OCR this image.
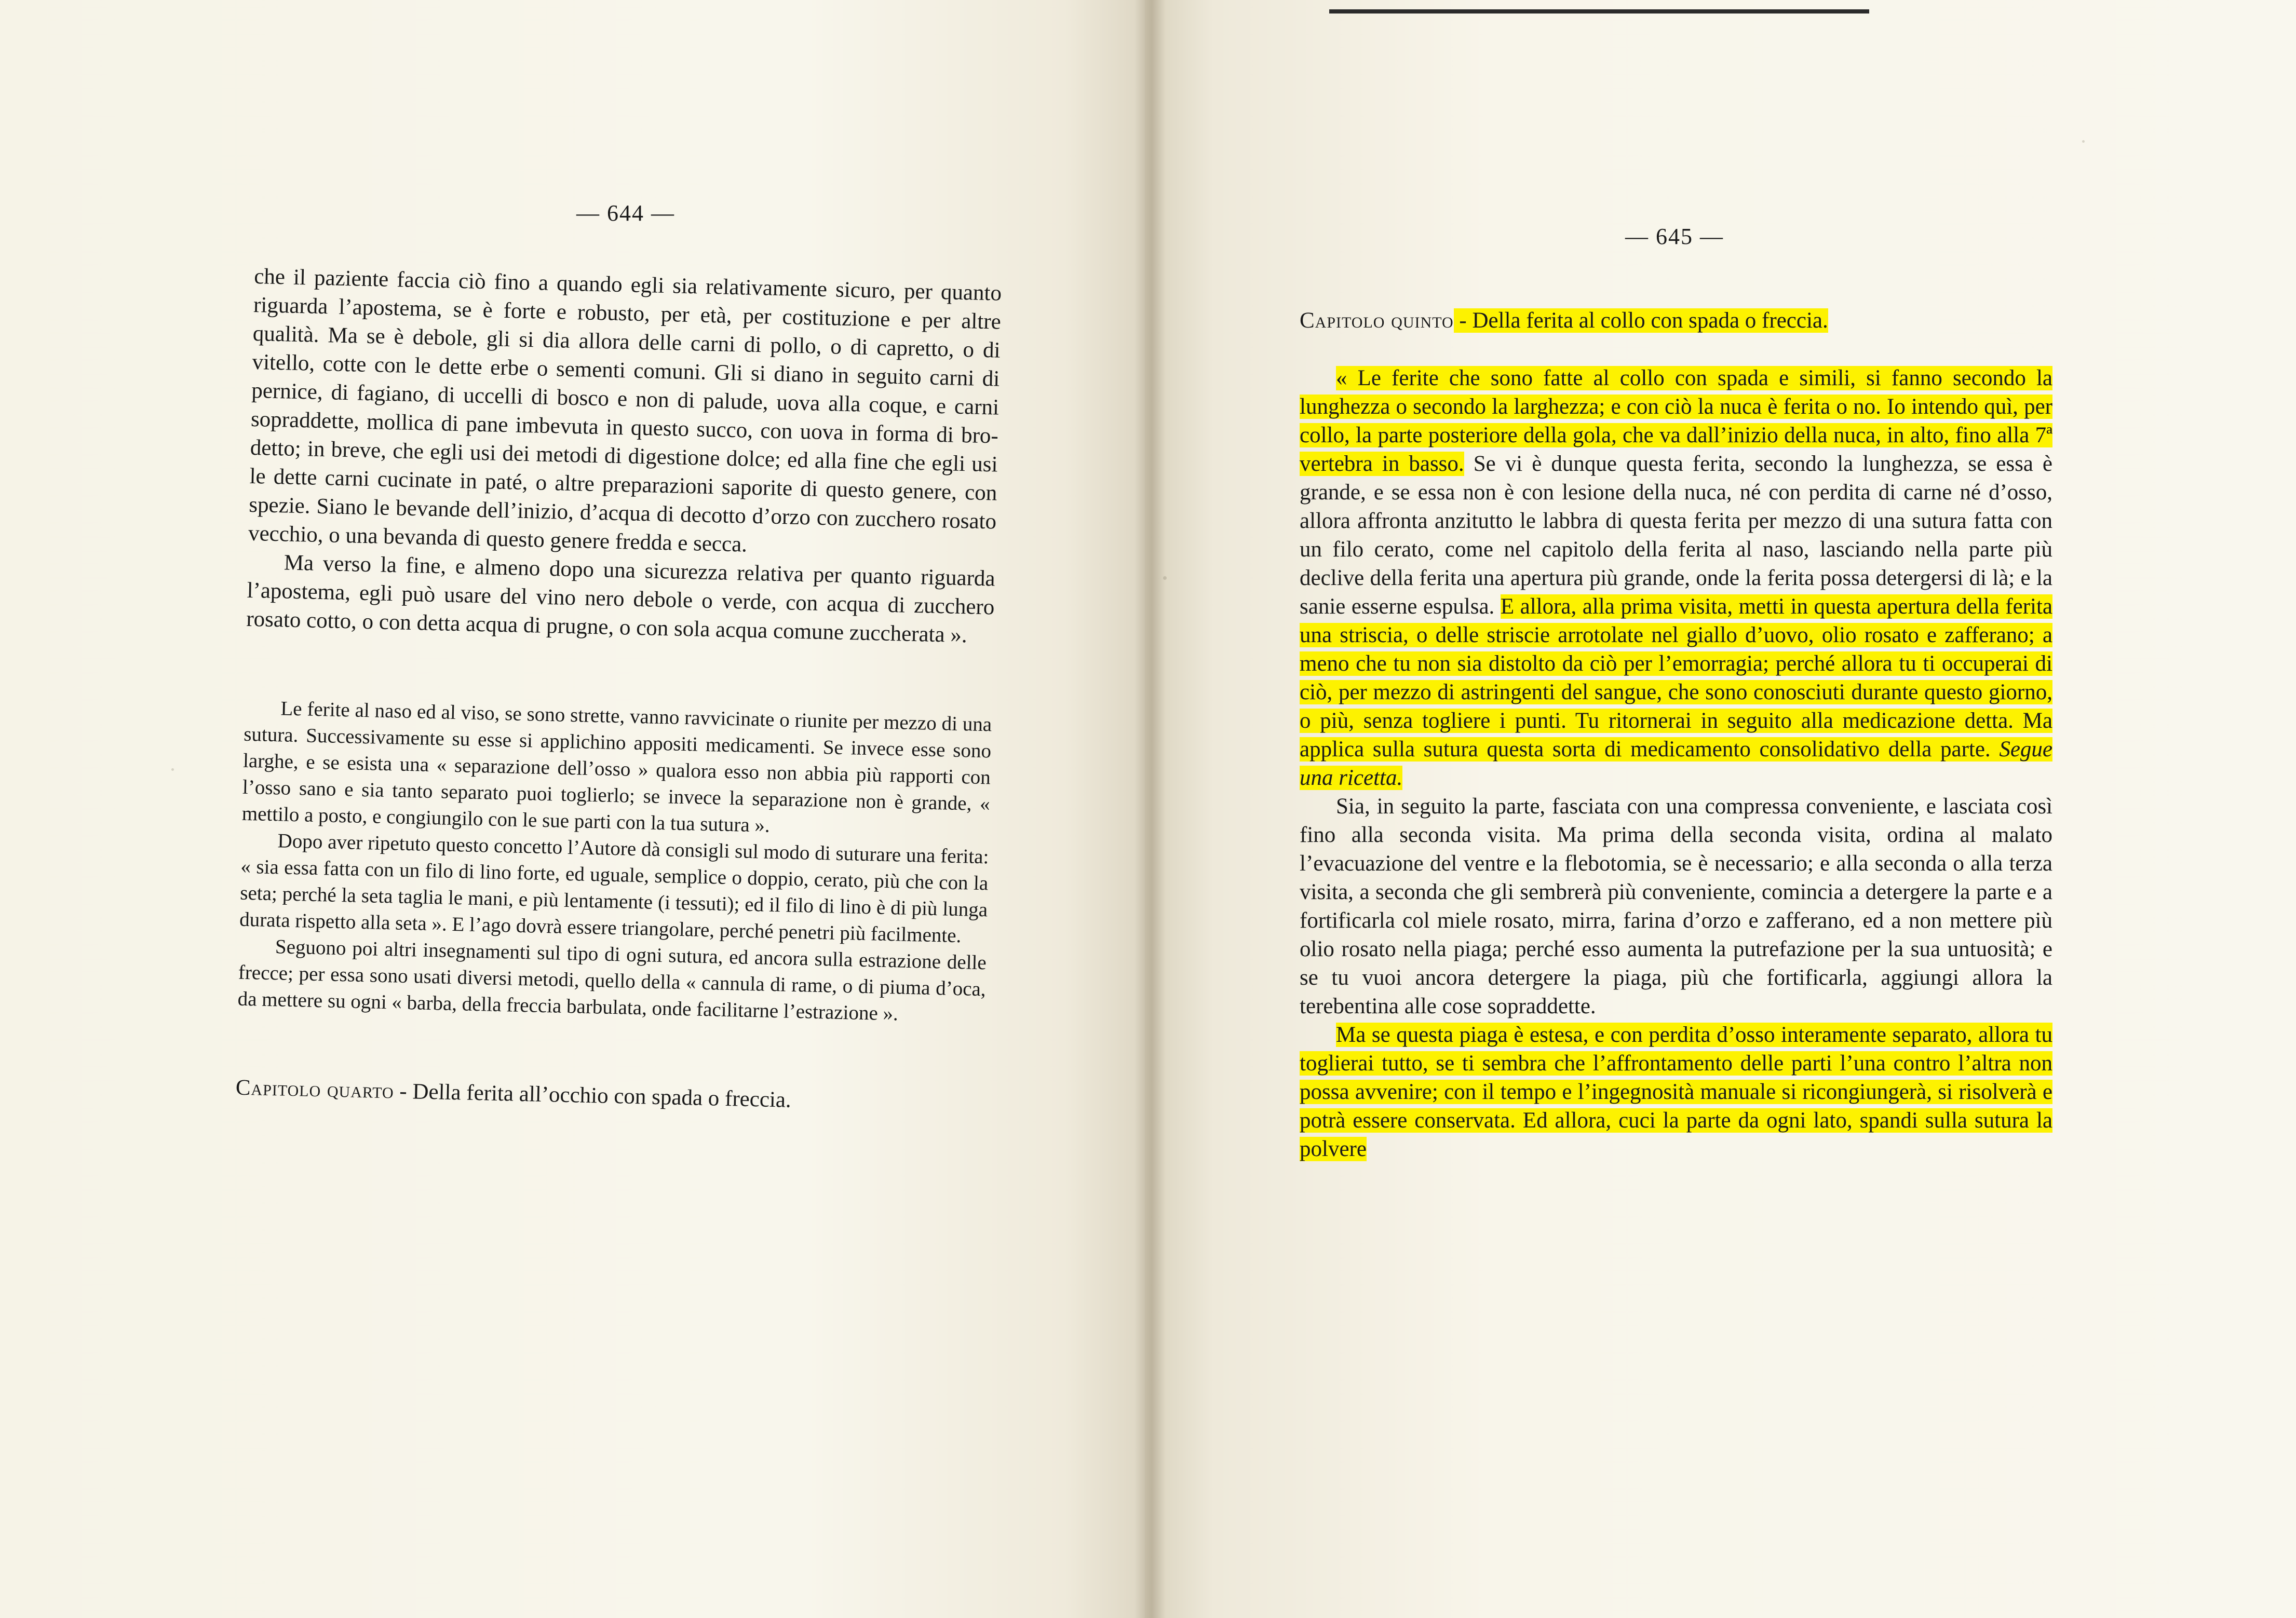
— 644 —

che il paziente faccia ciò fino a quando egli sia relativamente sicuro, per quanto riguarda l’apostema, se è forte e robusto, per età, per costituzione e per altre qualità. Ma se è debole, gli si dia allora delle carni di pollo, o di capretto, o di vitello, cotte con le dette erbe o sementi comuni. Gli si diano in seguito carni di pernice, di fagiano, di uccelli di bosco e non di palude, uova alla coque, e carni sopraddette, mollica di pane imbevuta in questo succo, con uova in forma di brodetto; in breve, che egli usi dei metodi di digestione dolce; ed alla fine che egli usi le dette carni cucinate in paté, o altre preparazioni saporite di questo genere, con spezie. Siano le bevande dell’inizio, d’acqua di decotto d’orzo con zucchero rosato vecchio, o una bevanda di questo genere fredda e secca.

Ma verso la fine, e almeno dopo una sicurezza relativa per quanto riguarda l’apostema, egli può usare del vino nero debole o verde, con acqua di zucchero rosato cotto, o con detta acqua di prugne, o con sola acqua comune zuccherata ».

Le ferite al naso ed al viso, se sono strette, vanno ravvicinate o riunite per mezzo di una sutura. Successivamente su esse si applichino appositi medicamenti. Se invece esse sono larghe, e se esista una « separazione dell’osso » qualora esso non abbia più rapporti con l’osso sano e sia tanto separato puoi toglierlo; se invece la separazione non è grande, « mettilo a posto, e congiungilo con le sue parti con la tua sutura ».

Dopo aver ripetuto questo concetto l’Autore dà consigli sul modo di suturare una ferita: « sia essa fatta con un filo di lino forte, ed uguale, semplice o doppio, cerato, più che con la seta; perché la seta taglia le mani, e più lentamente (i tessuti); ed il filo di lino è di più lunga durata rispetto alla seta ». E l’ago dovrà essere triangolare, perché penetri più facilmente.

Seguono poi altri insegnamenti sul tipo di ogni sutura, ed ancora sulla estrazione delle frecce; per essa sono usati diversi metodi, quello della « cannula di rame, o di piuma d’oca, da mettere su ogni « barba, della freccia barbulata, onde facilitarne l’estrazione ».

Capitolo quarto - Della ferita all’occhio con spada o freccia.

— 645 —

Capitolo quinto - Della ferita al collo con spada o freccia.

« Le ferite che sono fatte al collo con spada e simili, si fanno secondo la lunghezza o secondo la larghezza; e con ciò la nuca è ferita o no. Io intendo quì, per collo, la parte posteriore della gola, che va dall’inizio della nuca, in alto, fino alla 7ª vertebra in basso. Se vi è dunque questa ferita, secondo la lunghezza, se essa è grande, e se essa non è con lesione della nuca, né con perdita di carne né d’osso, allora affronta anzitutto le labbra di questa ferita per mezzo di una sutura fatta con un filo cerato, come nel capitolo della ferita al naso, lasciando nella parte più declive della ferita una apertura più grande, onde la ferita possa detergersi di là; e la sanie esserne espulsa. E allora, alla prima visita, metti in questa apertura della ferita una striscia, o delle striscie arrotolate nel giallo d’uovo, olio rosato e zafferano; a meno che tu non sia distolto da ciò per l’emorragia; perché allora tu ti occuperai di ciò, per mezzo di astringenti del sangue, che sono conosciuti durante questo giorno, o più, senza togliere i punti. Tu ritornerai in seguito alla medicazione detta. Ma applica sulla sutura questa sorta di medicamento consolidativo della parte. Segue una ricetta.

Sia, in seguito la parte, fasciata con una compressa conveniente, e lasciata così fino alla seconda visita. Ma prima della seconda visita, ordina al malato l’evacuazione del ventre e la flebotomia, se è necessario; e alla seconda o alla terza visita, a seconda che gli sembrerà più conveniente, comincia a detergere la parte e a fortificarla col miele rosato, mirra, farina d’orzo e zafferano, ed a non mettere più olio rosato nella piaga; perché esso aumenta la putrefazione per la sua untuosità; e se tu vuoi ancora detergere la piaga, più che fortificarla, aggiungi allora la terebentina alle cose sopraddette.

Ma se questa piaga è estesa, e con perdita d’osso interamente separato, allora tu toglierai tutto, se ti sembra che l’affrontamento delle parti l’una contro l’altra non possa avvenire; con il tempo e l’ingegnosità manuale si ricongiungerà, si risolverà e potrà essere conservata. Ed allora, cuci la parte da ogni lato, spandi sulla sutura la polvere
